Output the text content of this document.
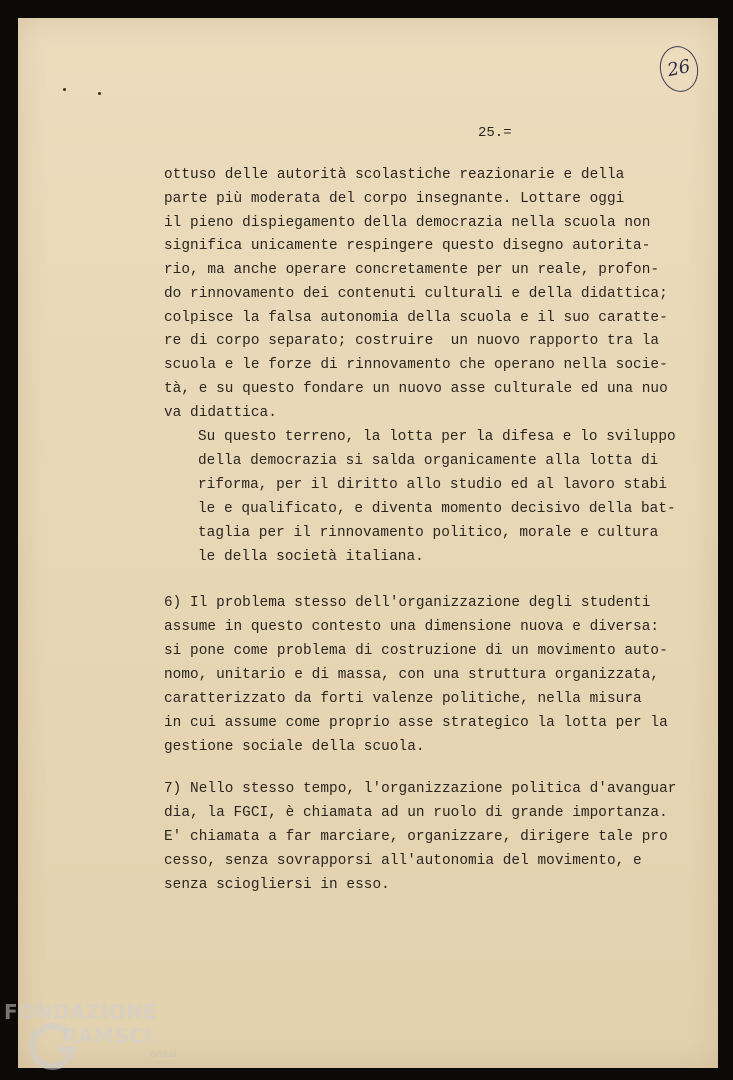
26
25.=
ottuso delle autorità scolastiche reazionarie e della
parte più moderata del corpo insegnante. Lottare oggi
il pieno dispiegamento della democrazia nella scuola non
significa unicamente respingere questo disegno autorita-
rio, ma anche operare concretamente per un reale, profon-
do rinnovamento dei contenuti culturali e della didattica;
colpisce la falsa autonomia della scuola e il suo caratte-
re di corpo separato; costruire  un nuovo rapporto tra la
scuola e le forze di rinnovamento che operano nella socie-
tà, e su questo fondare un nuovo asse culturale ed una nuo
va didattica.
Su questo terreno, la lotta per la difesa e lo sviluppo
della democrazia si salda organicamente alla lotta di
riforma, per il diritto allo studio ed al lavoro stabi
le e qualificato, e diventa momento decisivo della bat-
taglia per il rinnovamento politico, morale e cultura
le della società italiana.
6) Il problema stesso dell'organizzazione degli studenti
assume in questo contesto una dimensione nuova e diversa:
si pone come problema di costruzione di un movimento auto-
nomo, unitario e di massa, con una struttura organizzata,
caratterizzato da forti valenze politiche, nella misura
in cui assume come proprio asse strategico la lotta per la
gestione sociale della scuola.
7) Nello stesso tempo, l'organizzazione politica d'avanguar
dia, la FGCI, è chiamata ad un ruolo di grande importanza.
E' chiamata a far marciare, organizzare, dirigere tale pro
cesso, senza sovrapporsi all'autonomia del movimento, e
senza sciogliersi in esso.
FONDAZIONE
RAMSCI
onlus
